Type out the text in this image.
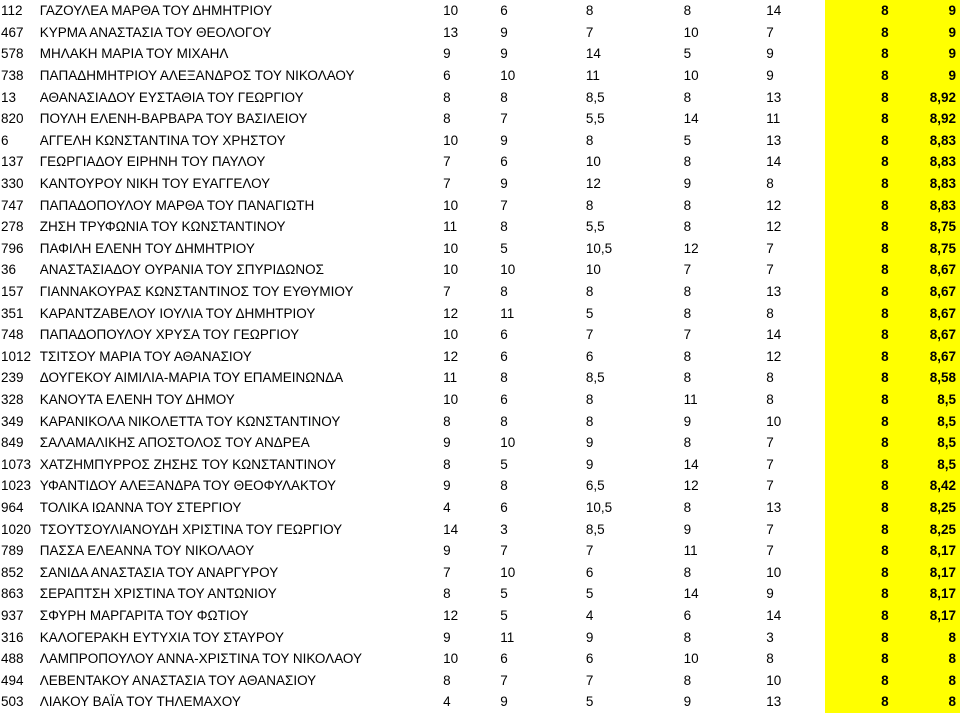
112	ΓΑΖΟΥΛΕΑ ΜΑΡΘΑ ΤΟΥ ΔΗΜΗΤΡΙΟΥ	10	6	8	8	14	8	9
467	ΚΥΡΜΑ ΑΝΑΣΤΑΣΙΑ ΤΟΥ ΘΕΟΛΟΓΟΥ	13	9	7	10	7	8	9
578	ΜΗΛΑΚΗ ΜΑΡΙΑ ΤΟΥ ΜΙΧΑΗΛ	9	9	14	5	9	8	9
738	ΠΑΠΑΔΗΜΗΤΡΙΟΥ ΑΛΕΞΑΝΔΡΟΣ ΤΟΥ ΝΙΚΟΛΑΟΥ	6	10	11	10	9	8	9
13	ΑΘΑΝΑΣΙΑΔΟΥ ΕΥΣΤΑΘΙΑ ΤΟΥ ΓΕΩΡΓΙΟΥ	8	8	8,5	8	13	8	8,92
820	ΠΟΥΛΗ ΕΛΕΝΗ-ΒΑΡΒΑΡΑ ΤΟΥ ΒΑΣΙΛΕΙΟΥ	8	7	5,5	14	11	8	8,92
6	ΑΓΓΕΛΗ ΚΩΝΣΤΑΝΤΙΝΑ ΤΟΥ ΧΡΗΣΤΟΥ	10	9	8	5	13	8	8,83
137	ΓΕΩΡΓΙΑΔΟΥ ΕΙΡΗΝΗ ΤΟΥ ΠΑΥΛΟΥ	7	6	10	8	14	8	8,83
330	ΚΑΝΤΟΥΡΟΥ ΝΙΚΗ ΤΟΥ ΕΥΑΓΓΕΛΟΥ	7	9	12	9	8	8	8,83
747	ΠΑΠΑΔΟΠΟΥΛΟΥ ΜΑΡΘΑ ΤΟΥ ΠΑΝΑΓΙΩΤΗ	10	7	8	8	12	8	8,83
278	ΖΗΣΗ ΤΡΥΦΩΝΙΑ ΤΟΥ ΚΩΝΣΤΑΝΤΙΝΟΥ	11	8	5,5	8	12	8	8,75
796	ΠΑΦΙΛΗ ΕΛΕΝΗ ΤΟΥ ΔΗΜΗΤΡΙΟΥ	10	5	10,5	12	7	8	8,75
36	ΑΝΑΣΤΑΣΙΑΔΟΥ ΟΥΡΑΝΙΑ ΤΟΥ ΣΠΥΡΙΔΩΝΟΣ	10	10	10	7	7	8	8,67
157	ΓΙΑΝΝΑΚΟΥΡΑΣ ΚΩΝΣΤΑΝΤΙΝΟΣ ΤΟΥ ΕΥΘΥΜΙΟΥ	7	8	8	8	13	8	8,67
351	ΚΑΡΑΝΤΖΑΒΕΛΟΥ ΙΟΥΛΙΑ ΤΟΥ ΔΗΜΗΤΡΙΟΥ	12	11	5	8	8	8	8,67
748	ΠΑΠΑΔΟΠΟΥΛΟΥ ΧΡΥΣΑ ΤΟΥ ΓΕΩΡΓΙΟΥ	10	6	7	7	14	8	8,67
1012	ΤΣΙΤΣΟΥ ΜΑΡΙΑ ΤΟΥ ΑΘΑΝΑΣΙΟΥ	12	6	6	8	12	8	8,67
239	ΔΟΥΓΕΚΟΥ ΑΙΜΙΛΙΑ-ΜΑΡΙΑ ΤΟΥ ΕΠΑΜΕΙΝΩΝΔΑ	11	8	8,5	8	8	8	8,58
328	ΚΑΝΟΥΤΑ ΕΛΕΝΗ ΤΟΥ ΔΗΜΟΥ	10	6	8	11	8	8	8,5
349	ΚΑΡΑΝΙΚΟΛΑ ΝΙΚΟΛΕΤΤΑ ΤΟΥ ΚΩΝΣΤΑΝΤΙΝΟΥ	8	8	8	9	10	8	8,5
849	ΣΑΛΑΜΑΛΙΚΗΣ ΑΠΟΣΤΟΛΟΣ ΤΟΥ ΑΝΔΡΕΑ	9	10	9	8	7	8	8,5
1073	ΧΑΤΖΗΜΠΥΡΡΟΣ ΖΗΣΗΣ ΤΟΥ ΚΩΝΣΤΑΝΤΙΝΟΥ	8	5	9	14	7	8	8,5
1023	ΥΦΑΝΤΙΔΟΥ ΑΛΕΞΑΝΔΡΑ ΤΟΥ ΘΕΟΦΥΛΑΚΤΟΥ	9	8	6,5	12	7	8	8,42
964	ΤΟΛΙΚΑ ΙΩΑΝΝΑ ΤΟΥ ΣΤΕΡΓΙΟΥ	4	6	10,5	8	13	8	8,25
1020	ΤΣΟΥΤΣΟΥΛΙΑΝΟΥΔΗ ΧΡΙΣΤΙΝΑ ΤΟΥ ΓΕΩΡΓΙΟΥ	14	3	8,5	9	7	8	8,25
789	ΠΑΣΣΑ ΕΛΕΑΝΝΑ ΤΟΥ ΝΙΚΟΛΑΟΥ	9	7	7	11	7	8	8,17
852	ΣΑΝΙΔΑ ΑΝΑΣΤΑΣΙΑ ΤΟΥ ΑΝΑΡΓΥΡΟΥ	7	10	6	8	10	8	8,17
863	ΣΕΡΑΠΤΣΗ ΧΡΙΣΤΙΝΑ ΤΟΥ ΑΝΤΩΝΙΟΥ	8	5	5	14	9	8	8,17
937	ΣΦΥΡΗ ΜΑΡΓΑΡΙΤΑ ΤΟΥ ΦΩΤΙΟΥ	12	5	4	6	14	8	8,17
316	ΚΑΛΟΓΕΡΑΚΗ ΕΥΤΥΧΙΑ ΤΟΥ ΣΤΑΥΡΟΥ	9	11	9	8	3	8	8
488	ΛΑΜΠΡΟΠΟΥΛΟΥ ΑΝΝΑ-ΧΡΙΣΤΙΝΑ ΤΟΥ ΝΙΚΟΛΑΟΥ	10	6	6	10	8	8	8
494	ΛΕΒΕΝΤΑΚΟΥ ΑΝΑΣΤΑΣΙΑ ΤΟΥ ΑΘΑΝΑΣΙΟΥ	8	7	7	8	10	8	8
503	ΛΙΑΚΟΥ ΒΑΪΑ ΤΟΥ ΤΗΛΕΜΑΧΟΥ	4	9	5	9	13	8	8
